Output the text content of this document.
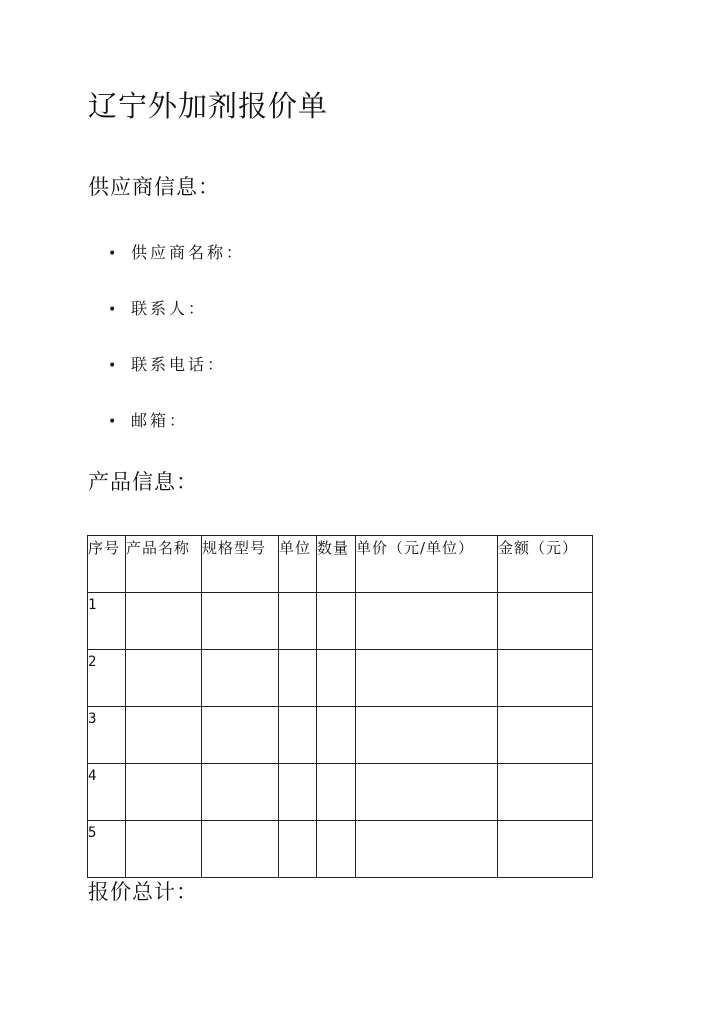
辽宁外加剂报价单
供应商信息：
• 供应商名称：
• 联系人：
• 联系电话：
• 邮箱：
产品信息：
序号	产品名称	规格型号	单位	数量	单价（元/单位）	金额（元）
1						
2						
3						
4						
5						
报价总计：
